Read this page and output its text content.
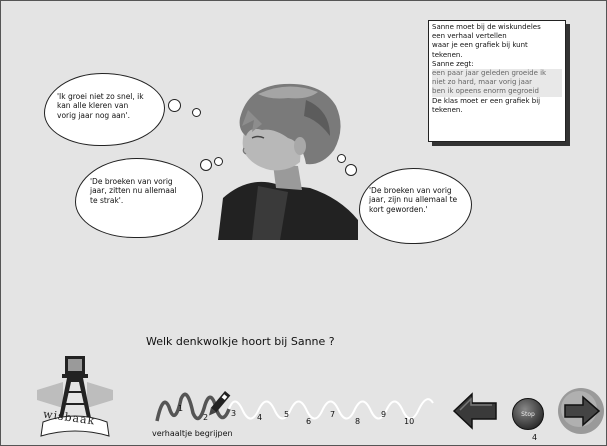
Sanne moet bij de wiskundeles
een verhaal vertellen
waar je een grafiek bij kunt
tekenen.
Sanne zegt:
een paar jaar geleden groeide ik
niet zo hard, maar vorig jaar
ben ik opeens enorm gegroeid
De klas moet er een grafiek bij
tekenen.
'Ik groei niet zo snel, ik
kan alle kleren van
vorig jaar nog aan'.
'De broeken van vorig
jaar, zitten nu allemaal
te strak'.
'De broeken van vorig
jaar, zijn nu allemaal te
kort geworden.'
Welk denkwolkje hoort bij Sanne ?
wisbaak	1
2	3	4	5
6
7
8
9
10
verhaaltje begrijpen
Stop
4
